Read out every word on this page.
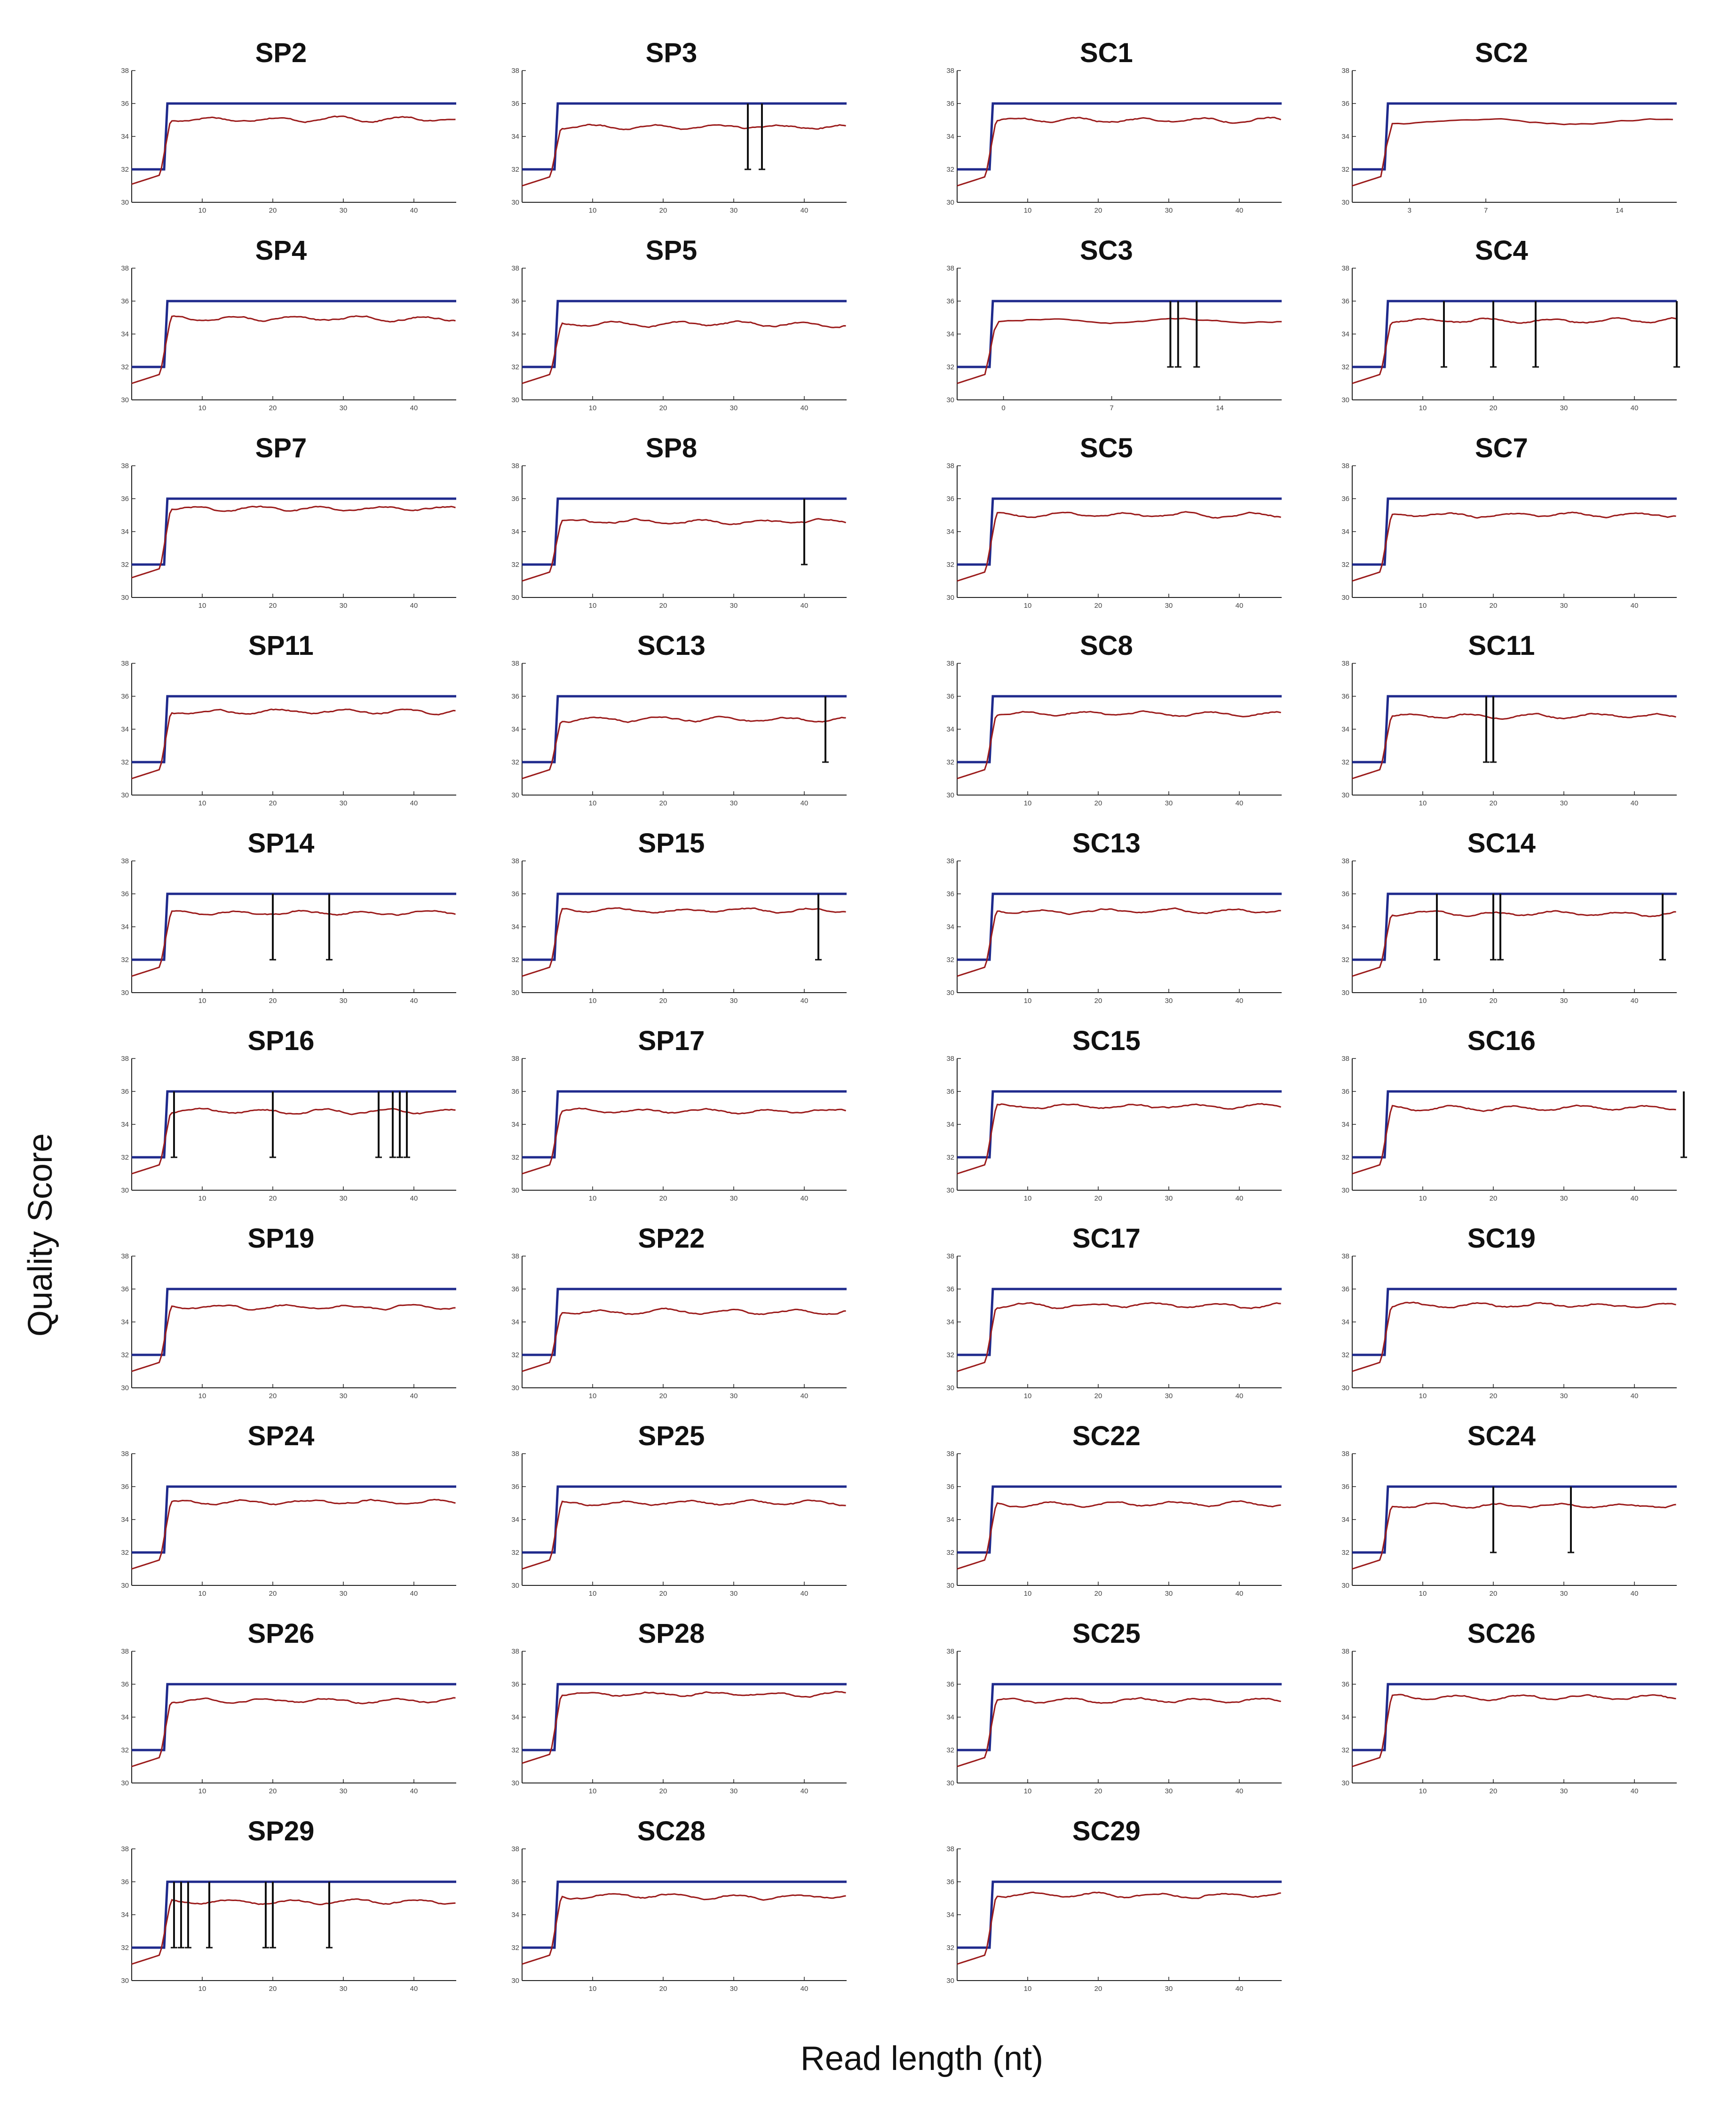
SP2
30
32
34
36
38
10	20	30	40
SP3
30
32
34
36
38
10	20	30	40
SP4
30
32
34
36
38
10	20	30	40
SP5
30
32
34
36
38
10	20	30	40
SP7
30
32
34
36
38
10	20	30	40
SP8
30
32
34
36
38
10	20	30	40
SP11
30
32
34
36
38
10	20	30	40
SC13
30
32
34
36
38
10	20	30	40
SP14
30
32
34
36
38
10	20	30	40
SP15
30
32
34
36
38
10	20	30	40
SP16
30
32
34
36
38
10	20	30	40
SP17
30
32
34
36
38
10	20	30	40
SP19
30
32
34
36
38
10	20	30	40
SP22
30
32
34
36
38
10	20	30	40
SP24
30
32
34
36
38
10	20	30	40
SP25
30
32
34
36
38
10	20	30	40
SP26
30
32
34
36
38
10	20	30	40
SP28
30
32
34
36
38
10	20	30	40
SP29
30
32
34
36
38
10	20	30	40
SC28
30
32
34
36
38
10	20	30	40
SC1
30
32
34
36
38
10	20	30	40
SC2
30
32
34
36
38
3	7	14
SC3
30
32
34
36
38
0	7	14
SC4
30
32
34
36
38
10	20	30	40
SC5
30
32
34
36
38
10	20	30	40
SC7
30
32
34
36
38
10	20	30	40
SC8
30
32
34
36
38
10	20	30	40
SC11
30
32
34
36
38
10	20	30	40
SC13
30
32
34
36
38
10	20	30	40
SC14
30
32
34
36
38
10	20	30	40
SC15
30
32
34
36
38
10	20	30	40
SC16
30
32
34
36
38
10	20	30	40
SC17
30
32
34
36
38
10	20	30	40
SC19
30
32
34
36
38
10	20	30	40
SC22
30
32
34
36
38
10	20	30	40
SC24
30
32
34
36
38
10	20	30	40
SC25
30
32
34
36
38
10	20	30	40
SC26
30
32
34
36
38
10	20	30	40
SC29
30
32
34
36
38
10	20	30	40
Quality Score
Read length (nt)
